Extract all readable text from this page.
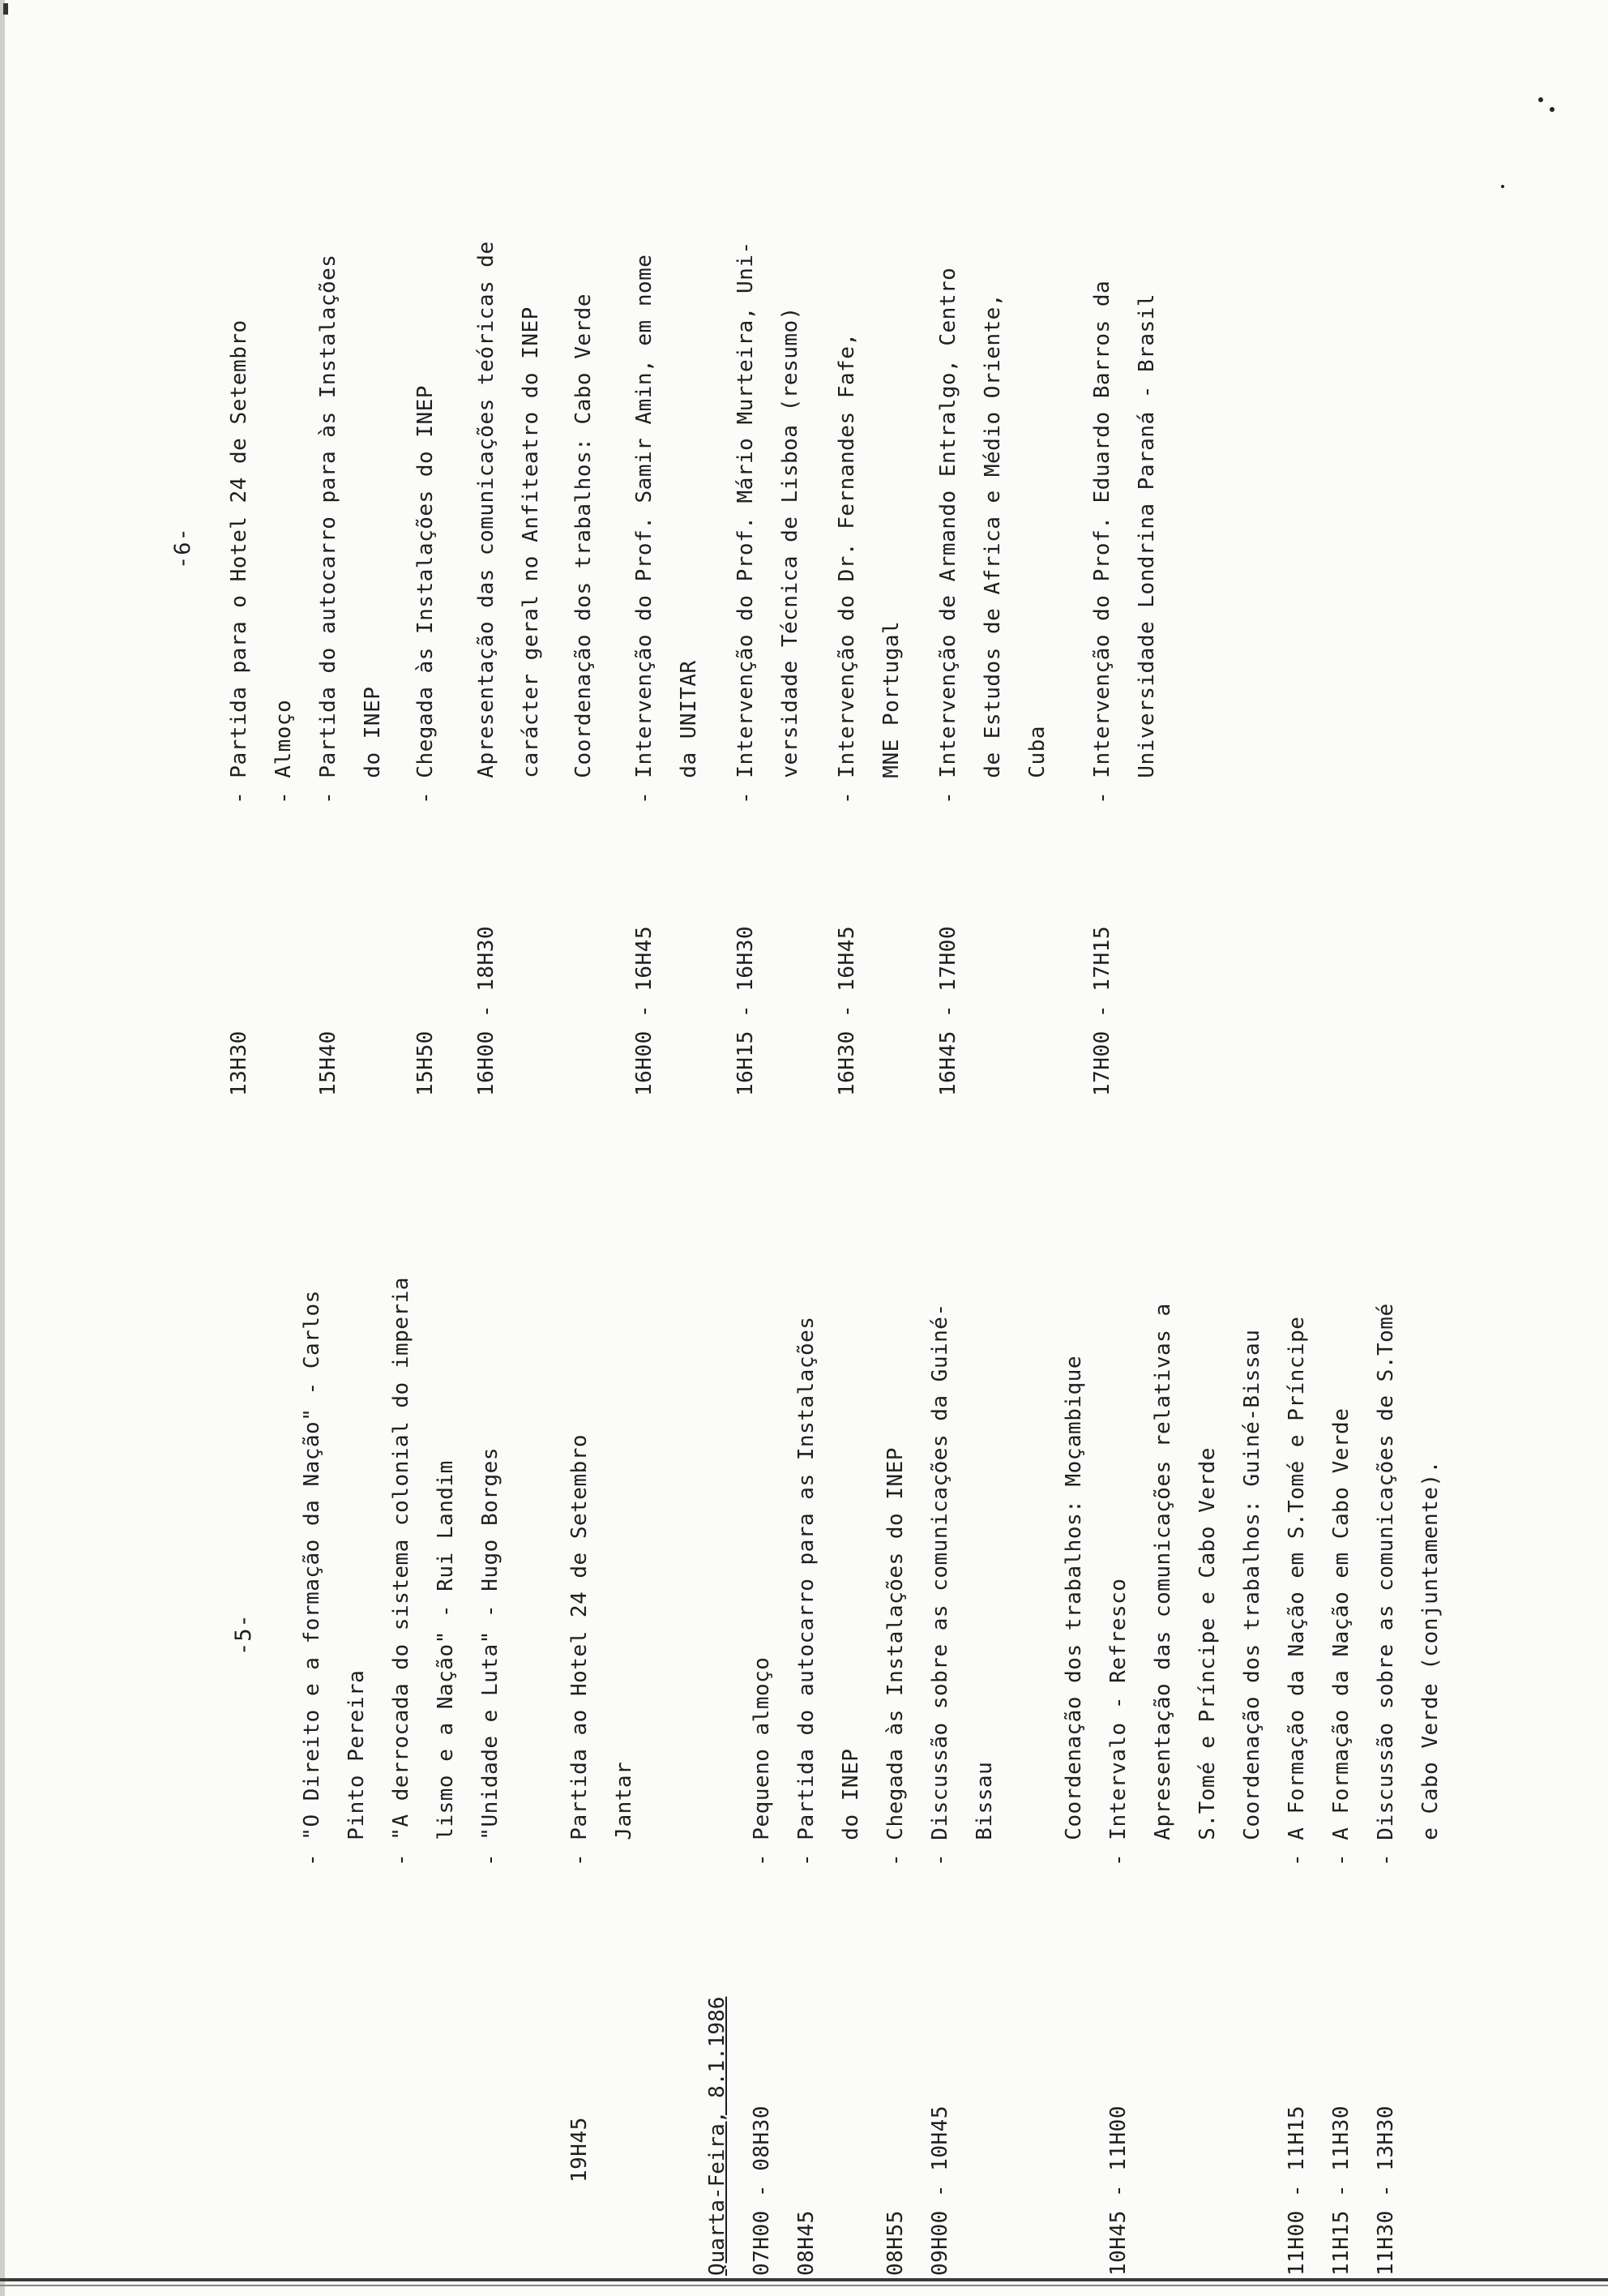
-5- - "O Direito e a formação da Nação" - Carlos Pinto Pereira - "A derrocada do sistema colonial do imperia lismo e a Nação" - Rui Landim - "Unidade e Luta" - Hugo Borges
19H45
- Partida ao Hotel 24 de Setembro Jantar
Quarta-Feira, 8.1.1986 07H00 - 08H30
- Pequeno almoço
08H45
- Partida do autocarro para as Instalações do INEP
08H55
- Chegada às Instalações do INEP
09H00 - 10H45
- Discussão sobre as comunicações da Guiné- Bissau	Coordenação dos trabalhos: Moçambique
10H45 - 11H00
- Intervalo - Refresco Apresentação das comunicações relativas a S.Tomé e Príncipe e Cabo Verde Coordenação dos trabalhos: Guiné-Bissau
11H00 - 11H15
- A Formação da Nação em S.Tomé e Príncipe
11H15 - 11H30
- A Formação da Nação em Cabo Verde
11H30 - 13H30
- Discussão sobre as comunicações de S.Tomé e Cabo Verde (conjuntamente).
-6-
13H30
- Partida para o Hotel 24 de Setembro - Almoço
15H40
- Partida do autocarro para às Instalações do INEP
15H50
- Chegada às Instalações do INEP
16H00 - 18H30
Apresentação das comunicações teóricas de carácter geral no Anfiteatro do INEP Coordenação dos trabalhos: Cabo Verde
16H00 - 16H45
- Intervenção do Prof. Samir Amin, em nome da UNITAR
16H15 - 16H30
- Intervenção do Prof. Mário Murteira, Uni- versidade Técnica de Lisboa (resumo)
16H30 - 16H45
- Intervenção do Dr. Fernandes Fafe, MNE Portugal
16H45 - 17H00
- Intervenção de Armando Entralgo, Centro de Estudos de Africa e Médio Oriente, Cuba
17H00 - 17H15
- Intervenção do Prof. Eduardo Barros da Universidade Londrina Paraná - Brasil
